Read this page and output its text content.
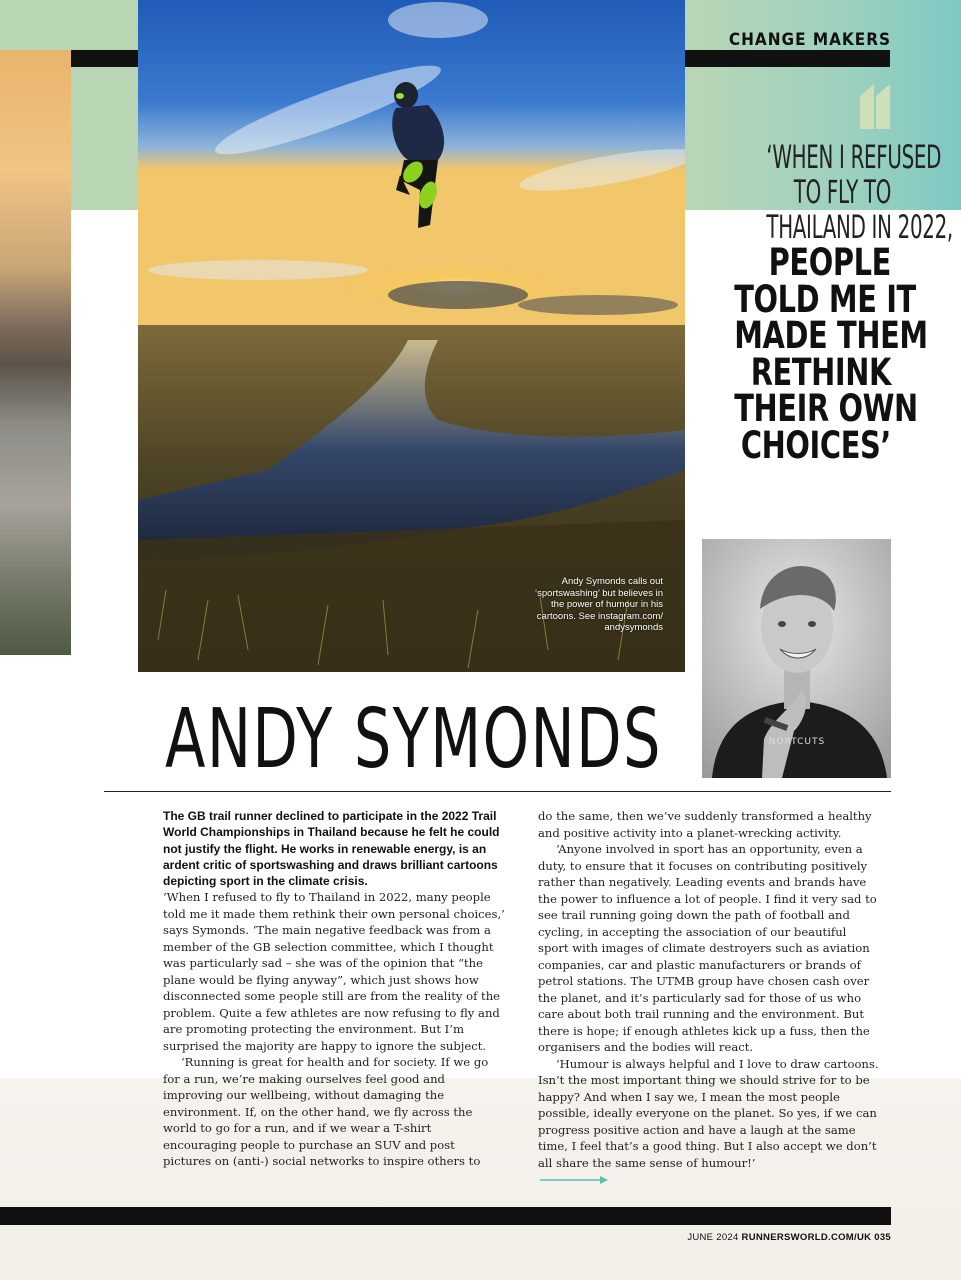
Andy Symonds calls out ‘sportswashing’ but believes in the power of humour in his cartoons. See instagram.com/ andysymonds
CHANGE MAKERS
‘WHEN I REFUSED
TO FLY TO
THAILAND IN 2022,
PEOPLE
TOLD ME IT
MADE THEM
RETHINK
THEIR OWN
CHOICES’
NORTCUTS
ANDY SYMONDS

The GB trail runner declined to participate in the 2022 Trail World Championships in Thailand because he felt he could not justify the flight. He works in renewable energy, is an ardent critic of sportswashing and draws brilliant cartoons depicting sport in the climate crisis.

‘When I refused to fly to Thailand in 2022, many people told me it made them rethink their own personal choices,’ says Symonds. ‘The main negative feedback was from a member of the GB selection committee, which I thought was particularly sad – she was of the opinion that “the plane would be flying anyway”, which just shows how disconnected some people still are from the reality of the problem. Quite a few athletes are now refusing to fly and are promoting protecting the environment. But I’m surprised the majority are happy to ignore the subject.

‘Running is great for health and for society. If we go for a run, we’re making ourselves feel good and improving our wellbeing, without damaging the environment. If, on the other hand, we fly across the world to go for a run, and if we wear a T-shirt encouraging people to purchase an SUV and post pictures on (anti-) social networks to inspire others to

do the same, then we’ve suddenly transformed a healthy and positive activity into a planet-wrecking activity.

‘Anyone involved in sport has an opportunity, even a duty, to ensure that it focuses on contributing positively rather than negatively. Leading events and brands have the power to influence a lot of people. I find it very sad to see trail running going down the path of football and cycling, in accepting the association of our beautiful sport with images of climate destroyers such as aviation companies, car and plastic manufacturers or brands of petrol stations. The UTMB group have chosen cash over the planet, and it’s particularly sad for those of us who care about both trail running and the environment. But there is hope; if enough athletes kick up a fuss, then the organisers and the bodies will react.

‘Humour is always helpful and I love to draw cartoons. Isn’t the most important thing we should strive for to be happy? And when I say we, I mean the most people possible, ideally everyone on the planet. So yes, if we can progress positive action and have a laugh at the same time, I feel that’s a good thing. But I also accept we don’t all share the same sense of humour!’

JUNE 2024 RUNNERSWORLD.COM/UK 035
